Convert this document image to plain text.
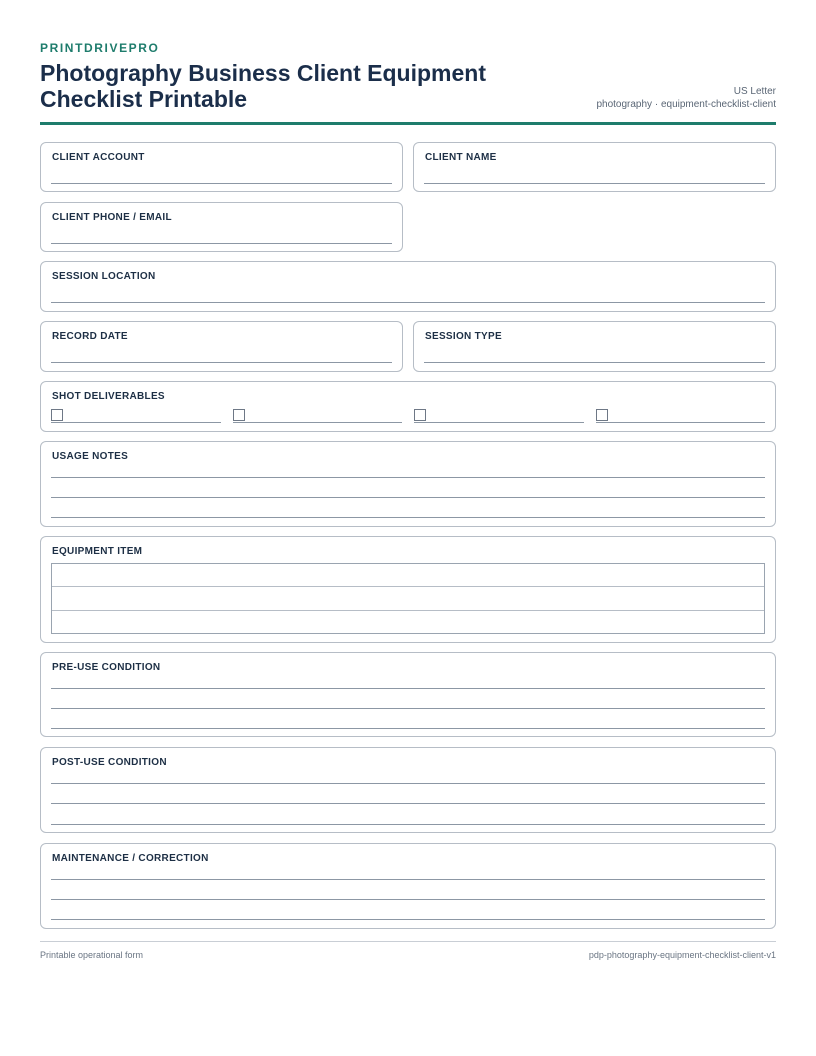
PRINTDRIVEPRO
Photography Business Client Equipment Checklist Printable	US Letter
photography · equipment-checklist-client
CLIENT ACCOUNT	CLIENT NAME
CLIENT PHONE / EMAIL
SESSION LOCATION
RECORD DATE	SESSION TYPE
SHOT DELIVERABLES
USAGE NOTES
EQUIPMENT ITEM
PRE-USE CONDITION
POST-USE CONDITION
MAINTENANCE / CORRECTION
Printable operational form	pdp-photography-equipment-checklist-client-v1
